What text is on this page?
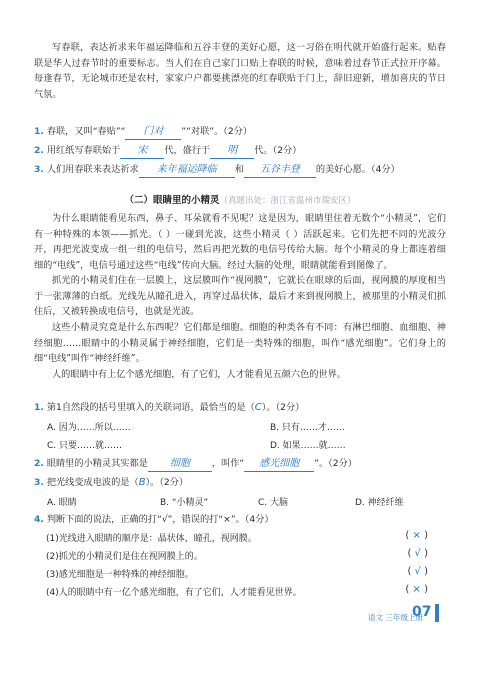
写春联，表达祈求来年福运降临和五谷丰登的美好心愿，这一习俗在明代就开始盛行起来。贴春联是华人过春节时的重要标志。当人们在自己家门口贴上春联的时候，意味着过春节正式拉开序幕。每逢春节，无论城市还是农村，家家户户都要挑漂亮的红春联贴于门上，辞旧迎新，增加喜庆的节日气氛。

1. 春联，又叫“春贴”“ 门对 ”“对联”。（2分）
2. 用红纸写春联始于 宋 代，盛行于 明 代。（2分）
3. 人们用春联来表达祈求 来年福运降临 和 五谷丰登 的美好心愿。（4分）
（二）眼睛里的小精灵（真题出处：浙江省温州市瑞安区）

为什么眼睛能看见东西，鼻子、耳朵就看不见呢？这是因为，眼睛里住着无数个“小精灵”，它们有一种特殊的本领——抓光。（ ）一碰到光波，这些小精灵（ ）活跃起来。它们先把不同的光波分开，再把光波变成一组一组的电信号，然后再把光数的电信号传给大脑。每个小精灵的身上都连着细细的“电线”，电信号通过这些“电线”传向大脑。经过大脑的处理，眼睛就能看到图像了。

抓光的小精灵们住在一层膜上，这层膜叫作“视网膜”，它就长在眼球的后面，视网膜的厚度相当于一张薄薄的白纸。光线先从瞳孔进入，再穿过晶状体，最后才来到视网膜上，被那里的小精灵们抓住后，又被转换成电信号，也就是光波。

这些小精灵究竟是什么东西呢？它们都是细胞。细胞的种类各有不同：有淋巴细胞、血细胞、神经细胞……眼睛中的小精灵属于神经细胞，它们是一类特殊的细胞，叫作“感光细胞”。它们身上的细“电线”叫作“神经纤维”。

人的眼睛中有上亿个感光细胞，有了它们，人才能看见五颜六色的世界。

1. 第1自然段的括号里填入的关联词语，最恰当的是（C）。（2分）
A. 因为……所以……	B. 只有……才……
C. 只要……就……	D. 如果……就……
2. 眼睛里的小精灵其实都是 细胞 ，叫作“ 感光细胞 ”。（2分）
3. 把光线变成电波的是（B）。（2分）
A. 眼睛	B. “小精灵”	C. 大脑	D. 神经纤维
4. 判断下面的说法，正确的打“√”，错误的打“×”。（4分）
(1)光线进入眼睛的顺序是：晶状体，瞳孔，视网膜。	( × )
(2)抓光的小精灵们是住在视网膜上的。	( √ )
(3)感光细胞是一种特殊的神经细胞。	( √ )
(4)人的眼睛中有一亿个感光细胞，有了它们，人才能看见世界。	( × )
语文 三年级上册
07
